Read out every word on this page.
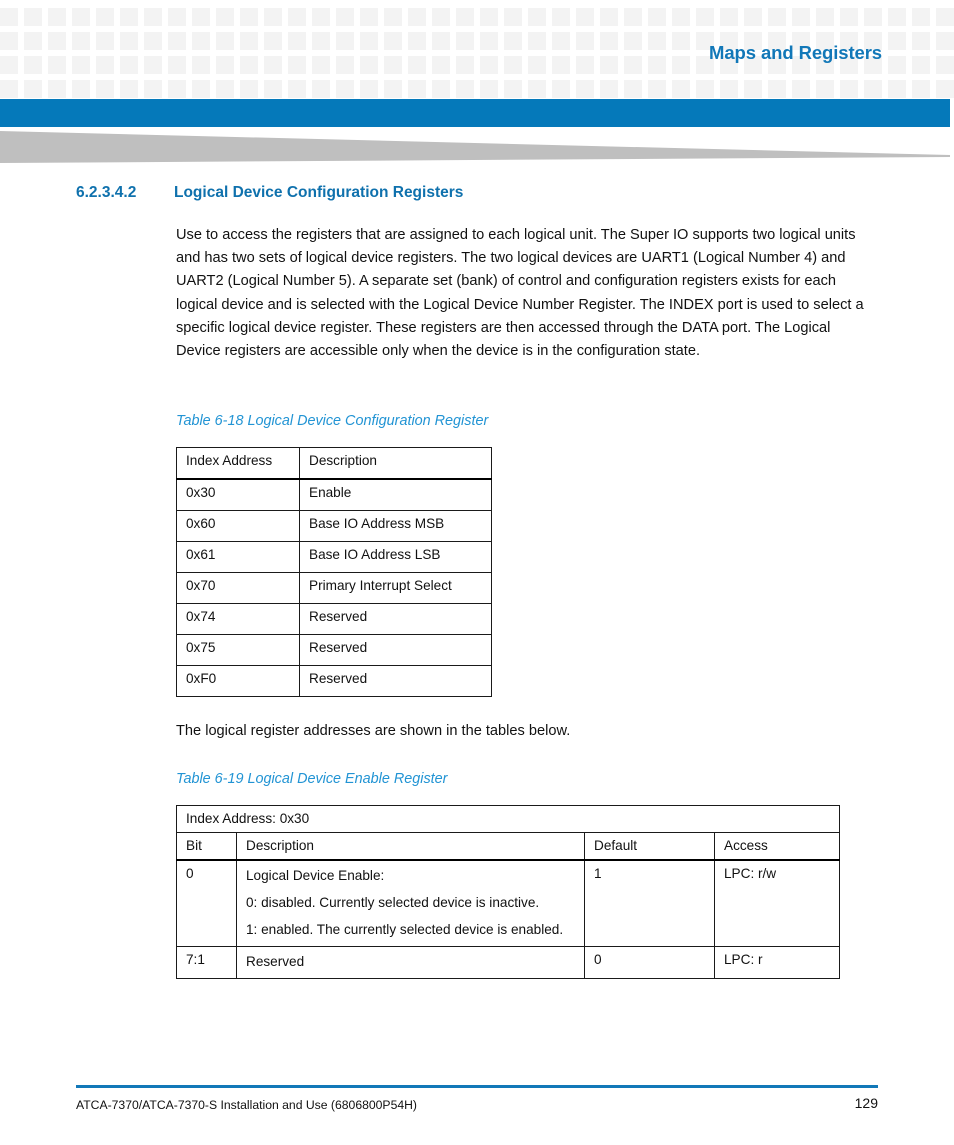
Maps and Registers
6.2.3.4.2 Logical Device Configuration Registers
Use to access the registers that are assigned to each logical unit. The Super IO supports two logical units and has two sets of logical device registers. The two logical devices are UART1 (Logical Number 4) and UART2 (Logical Number 5). A separate set (bank) of control and configuration registers exists for each logical device and is selected with the Logical Device Number Register. The INDEX port is used to select a specific logical device register. These registers are then accessed through the DATA port. The Logical Device registers are accessible only when the device is in the configuration state.
Table 6-18 Logical Device Configuration Register
Index Address	Description
0x30	Enable
0x60	Base IO Address MSB
0x61	Base IO Address LSB
0x70	Primary Interrupt Select
0x74	Reserved
0x75	Reserved
0xF0	Reserved
The logical register addresses are shown in the tables below.
Table 6-19 Logical Device Enable Register
Index Address: 0x30			
Bit	Description	Default	Access
0	Logical Device Enable:

0: disabled. Currently selected device is inactive.

1: enabled. The currently selected device is enabled.	1	LPC: r/w
7:1	Reserved	0	LPC: r
ATCA-7370/ATCA-7370-S Installation and Use (6806800P54H)	129
